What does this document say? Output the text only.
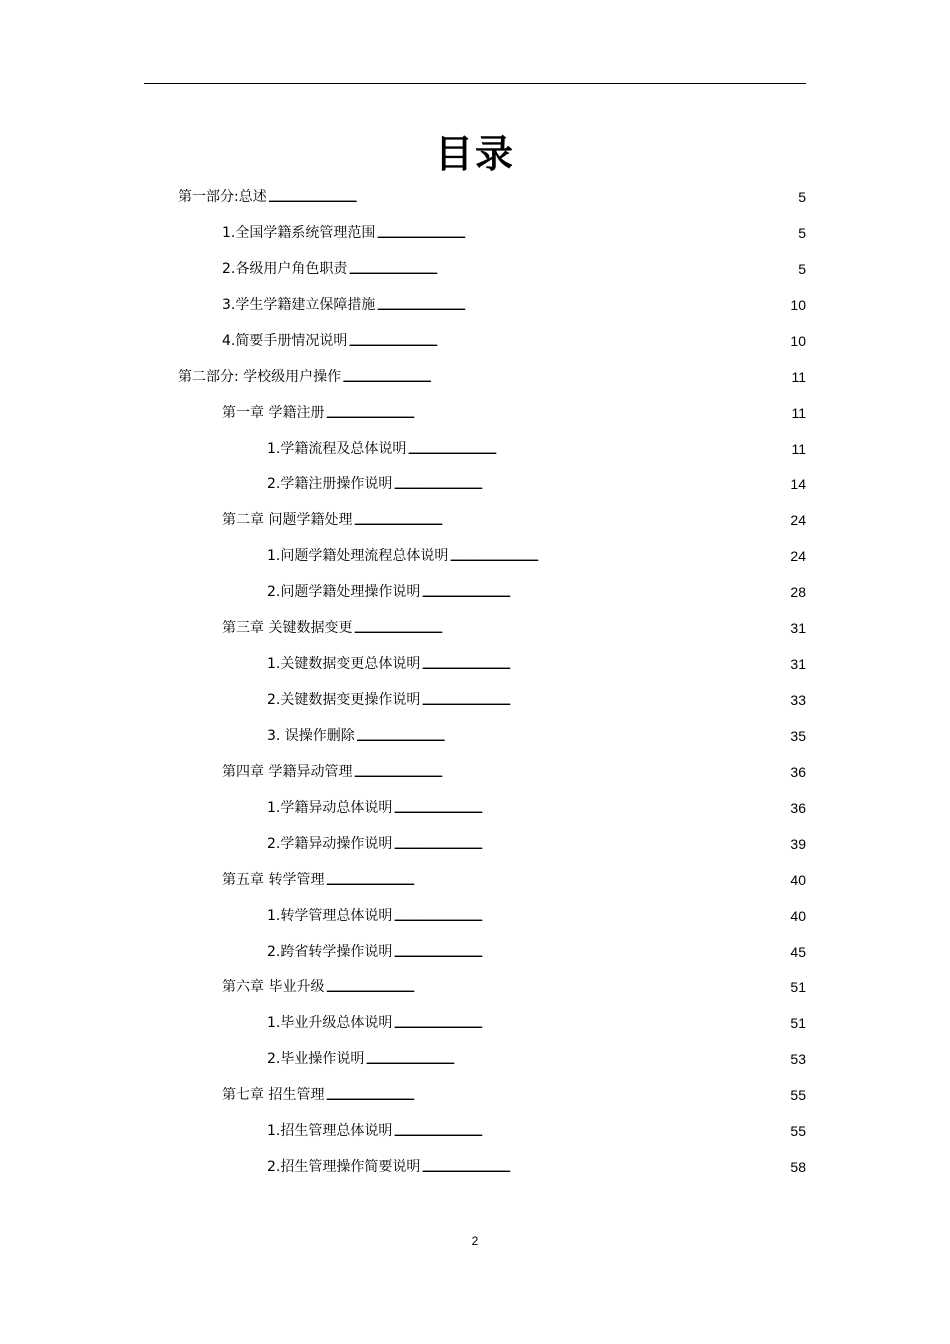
目录
第一部分:总述 . . .	5
1.全国学籍系统管理范围 . . .	5
2.各级用户角色职责 . . .	5
3.学生学籍建立保障措施 . . .	10
4.简要手册情况说明 . . .	10
第二部分: 学校级用户操作 . . .	11
第一章 学籍注册 . . .	11
1.学籍流程及总体说明 . . .	11
2.学籍注册操作说明 . . .	14
第二章 问题学籍处理 . . .	24
1.问题学籍处理流程总体说明 . . .	24
2.问题学籍处理操作说明 . . .	28
第三章 关键数据变更 . . .	31
1.关键数据变更总体说明 . . .	31
2.关键数据变更操作说明 . . .	33
3. 误操作删除 . . .	35
第四章 学籍异动管理 . . .	36
1.学籍异动总体说明 . . .	36
2.学籍异动操作说明 . . .	39
第五章 转学管理 . . .	40
1.转学管理总体说明 . . .	40
2.跨省转学操作说明 . . .	45
第六章 毕业升级 . . .	51
1.毕业升级总体说明 . . .	51
2.毕业操作说明 . . .	53
第七章 招生管理 . . .	55
1.招生管理总体说明 . . .	55
2.招生管理操作简要说明 . . .	58
2
